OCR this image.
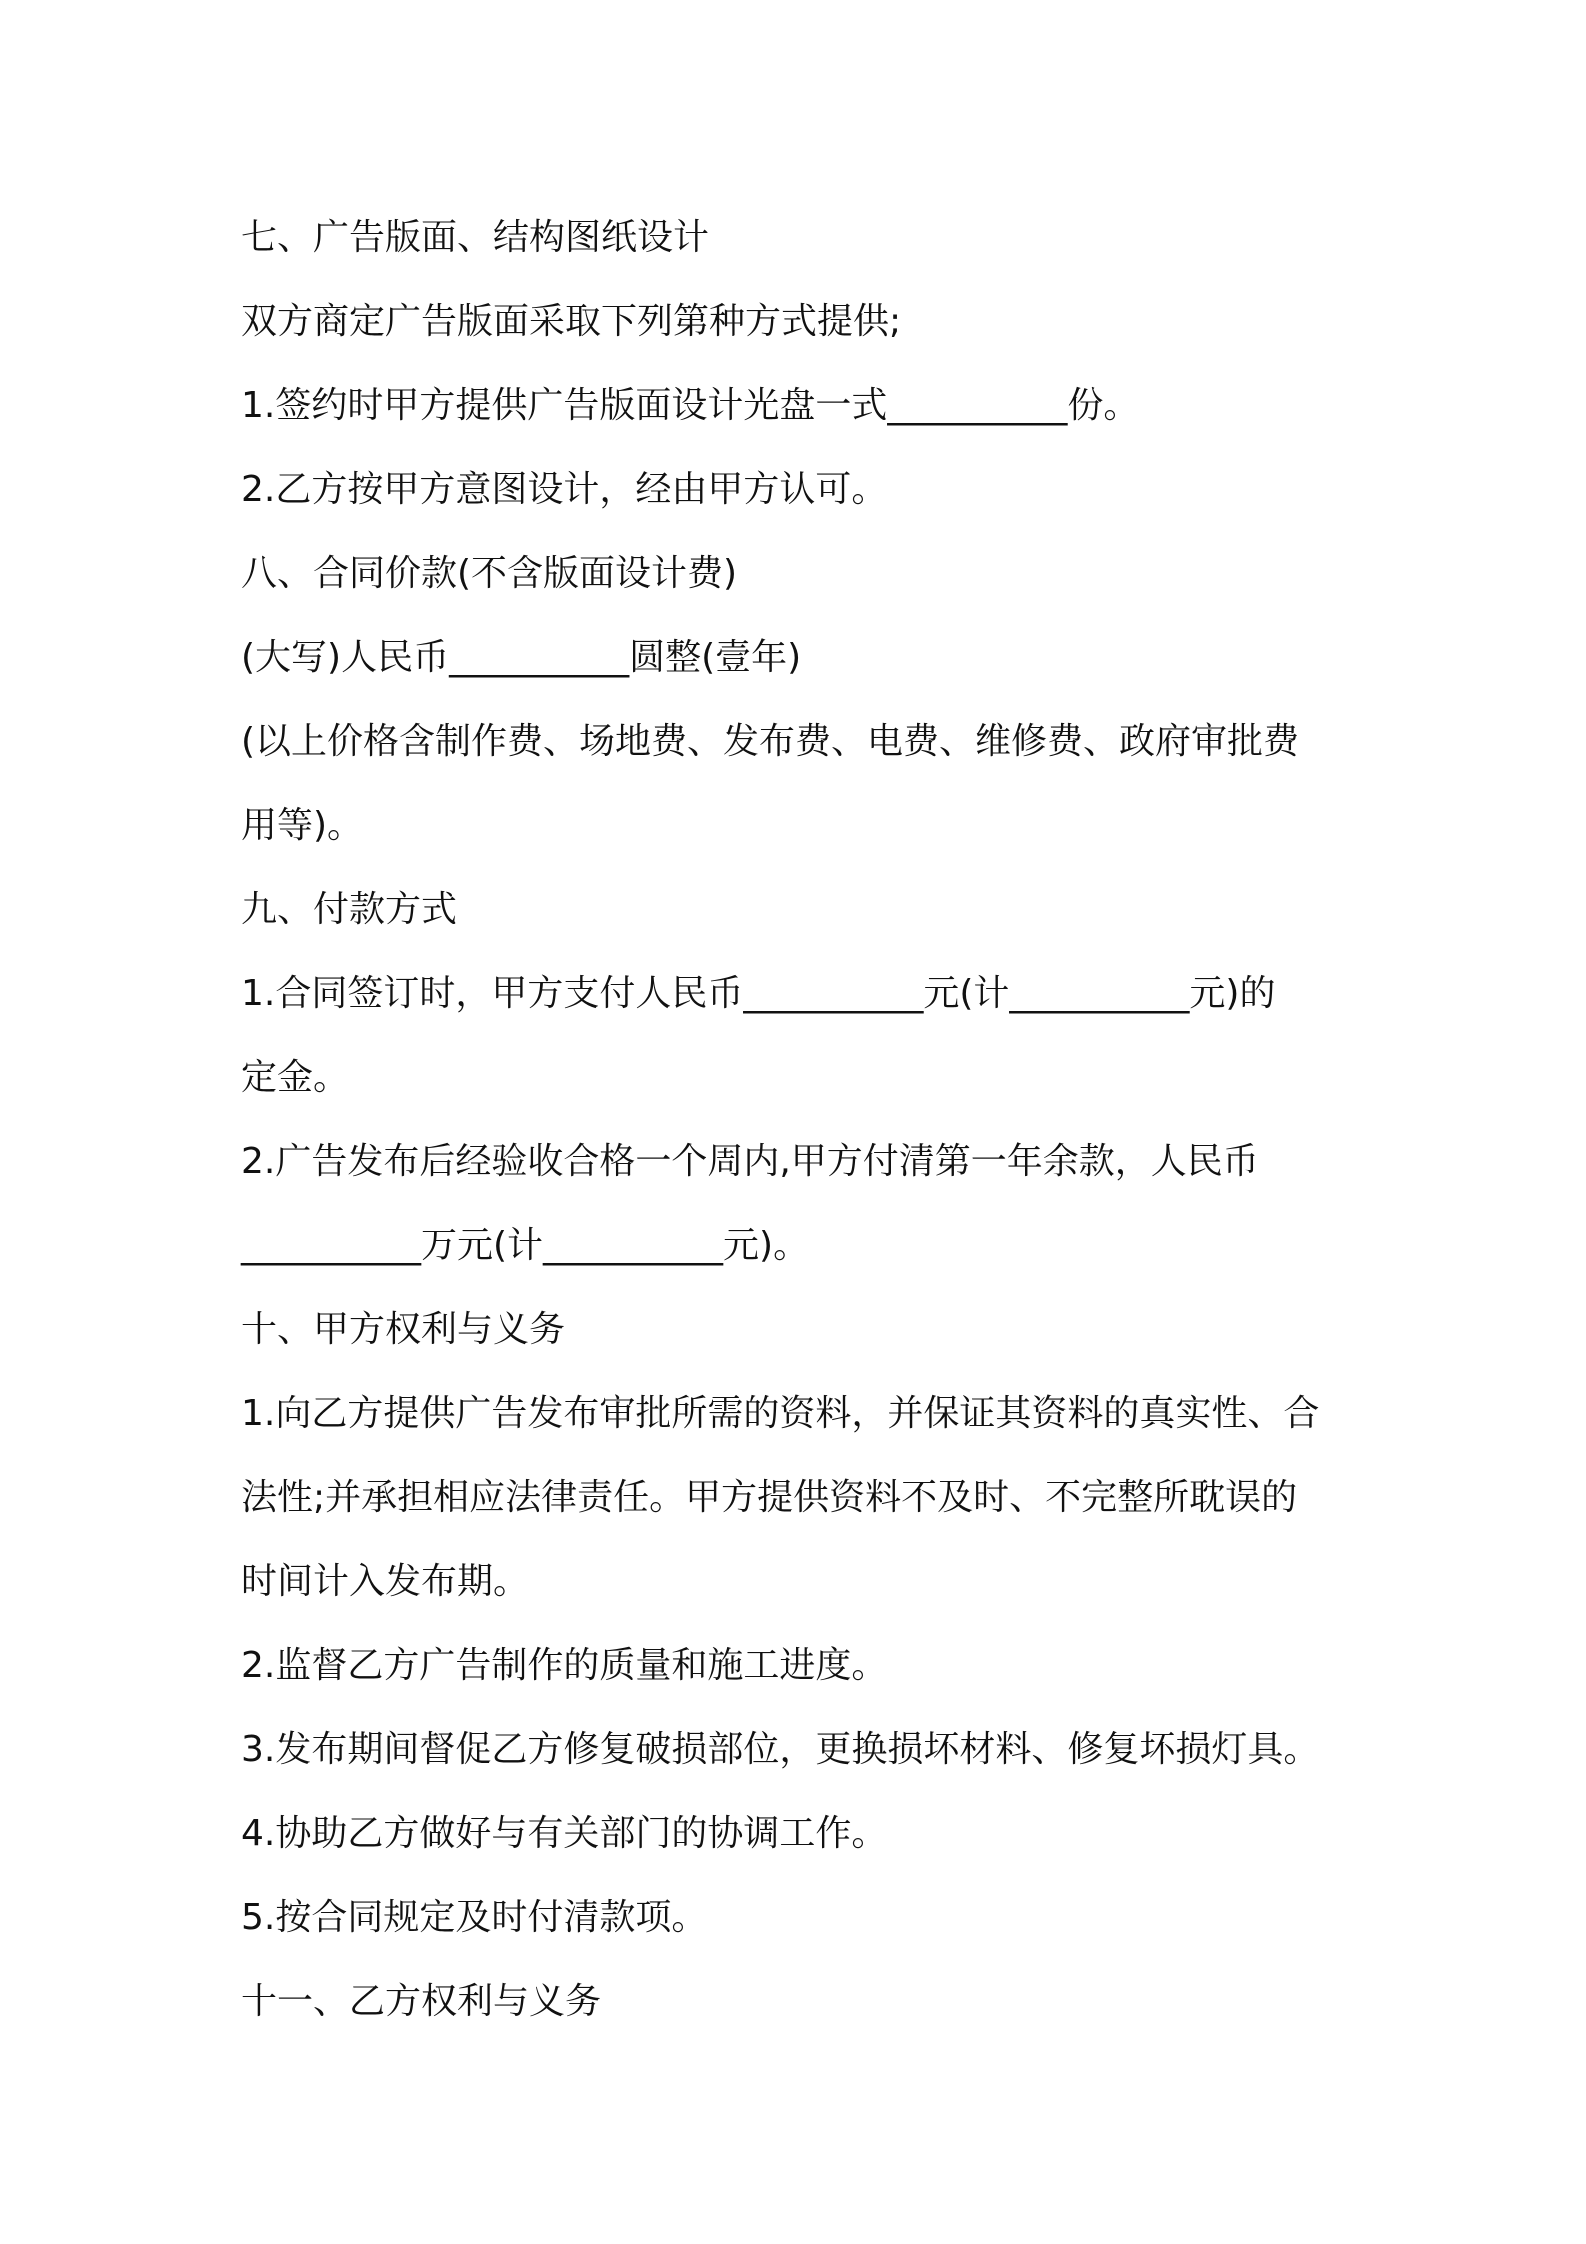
七、广告版面、结构图纸设计

双方商定广告版面采取下列第种方式提供;

1.签约时甲方提供广告版面设计光盘一式__________份。

2.乙方按甲方意图设计，经由甲方认可。

八、合同价款(不含版面设计费)

(大写)人民币__________圆整(壹年)

(以上价格含制作费、场地费、发布费、电费、维修费、政府审批费

用等)。

九、付款方式

1.合同签订时，甲方支付人民币__________元(计__________元)的

定金。

2.广告发布后经验收合格一个周内,甲方付清第一年余款，人民币

__________万元(计__________元)。

十、甲方权利与义务

1.向乙方提供广告发布审批所需的资料，并保证其资料的真实性、合

法性;并承担相应法律责任。甲方提供资料不及时、不完整所耽误的

时间计入发布期。

2.监督乙方广告制作的质量和施工进度。

3.发布期间督促乙方修复破损部位，更换损坏材料、修复坏损灯具。

4.协助乙方做好与有关部门的协调工作。

5.按合同规定及时付清款项。

十一、乙方权利与义务
